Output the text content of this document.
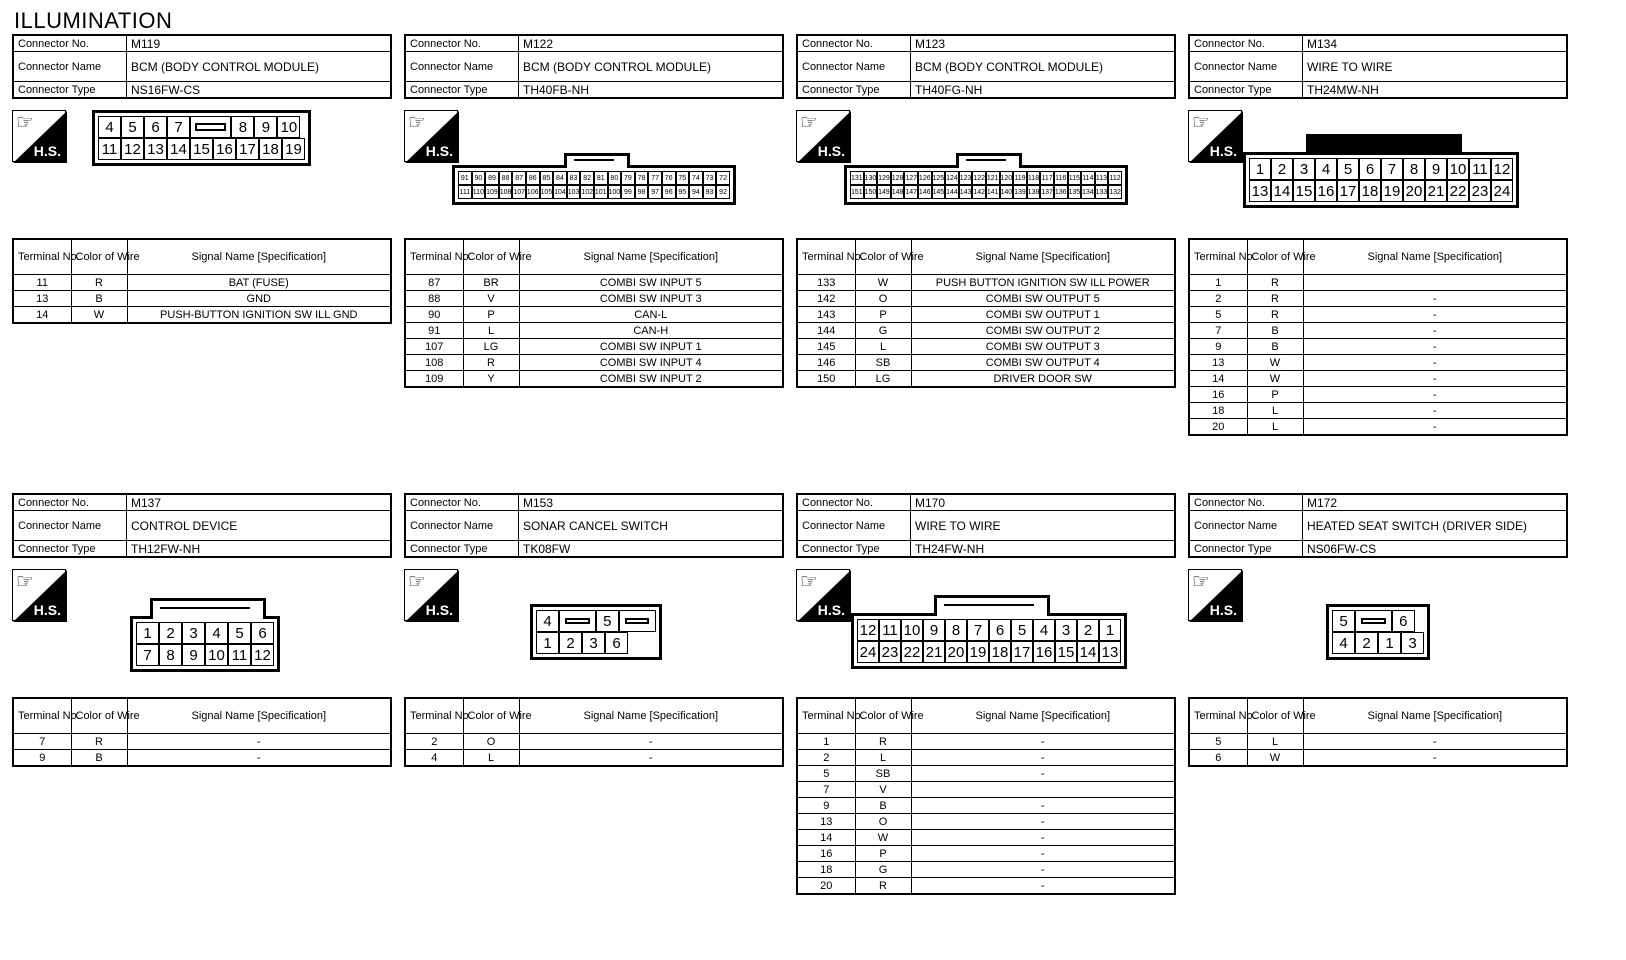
ILLUMINATION
Connector No.	M119
Connector Name	BCM (BODY CONTROL MODULE)
Connector Type	NS16FW-CS
☞
H.S.
Terminal No.	Color of Wire	Signal Name [Specification]
11	R	BAT (FUSE)
13	B	GND
14	W	PUSH-BUTTON IGNITION SW ILL GND
4 5 6 7	8 9 10
11 12 13 14 15 16 17 18 19
Connector No.	M122
Connector Name	BCM (BODY CONTROL MODULE)
Connector Type	TH40FB-NH
☞
H.S.
Terminal No.	Color of Wire	Signal Name [Specification]
87	BR	COMBI SW INPUT 5
88	V	COMBI SW INPUT 3
90	P	CAN-L
91	L	CAN-H
107	LG	COMBI SW INPUT 1
108	R	COMBI SW INPUT 4
109	Y	COMBI SW INPUT 2
91 90 89 88 87 86 85 84 83 82 81 80 79 78 77 76 75 74 73 72
111 110 109 108 107 106 105 104 103 102 101 100 99 98 97 96 95 94 93 92
Connector No.	M123
Connector Name	BCM (BODY CONTROL MODULE)
Connector Type	TH40FG-NH
☞
H.S.
Terminal No.	Color of Wire	Signal Name [Specification]
133	W	PUSH BUTTON IGNITION SW ILL POWER
142	O	COMBI SW OUTPUT 5
143	P	COMBI SW OUTPUT 1
144	G	COMBI SW OUTPUT 2
145	L	COMBI SW OUTPUT 3
146	SB	COMBI SW OUTPUT 4
150	LG	DRIVER DOOR SW
131 130 129 128 127 126 125 124 123 122 121 120 119 118 117 116 115 114 113 112
151 150 149 148 147 146 145 144 143 142 141 140 139 138 137 136 135 134 133 132
Connector No.	M134
Connector Name	WIRE TO WIRE
Connector Type	TH24MW-NH
☞
H.S.
Terminal No.	Color of Wire	Signal Name [Specification]
1	R	
2	R	-
5	R	-
7	B	-
9	B	-
13	W	-
14	W	-
16	P	-
18	L	-
20	L	-
1 2 3 4 5 6 7 8 9 10 11 12
13 14 15 16 17 18 19 20 21 22 23 24
Connector No.	M137
Connector Name	CONTROL DEVICE
Connector Type	TH12FW-NH
☞
H.S.
Terminal No.	Color of Wire	Signal Name [Specification]
7	R	-
9	B	-
1 2 3 4 5 6
7 8 9 10 11 12
Connector No.	M153
Connector Name	SONAR CANCEL SWITCH
Connector Type	TK08FW
☞
H.S.
Terminal No.	Color of Wire	Signal Name [Specification]
2	O	-
4	L	-
4	5
1 2 3 6
Connector No.	M170
Connector Name	WIRE TO WIRE
Connector Type	TH24FW-NH
☞
H.S.
Terminal No.	Color of Wire	Signal Name [Specification]
1	R	-
2	L	-
5	SB	-
7	V	
9	B	-
13	O	-
14	W	-
16	P	-
18	G	-
20	R	-
12 11 10 9 8 7 6 5 4 3 2 1
24 23 22 21 20 19 18 17 16 15 14 13
Connector No.	M172
Connector Name	HEATED SEAT SWITCH (DRIVER SIDE)
Connector Type	NS06FW-CS
☞
H.S.
Terminal No.	Color of Wire	Signal Name [Specification]
5	L	-
6	W	-
5	6
4 2 1 3
